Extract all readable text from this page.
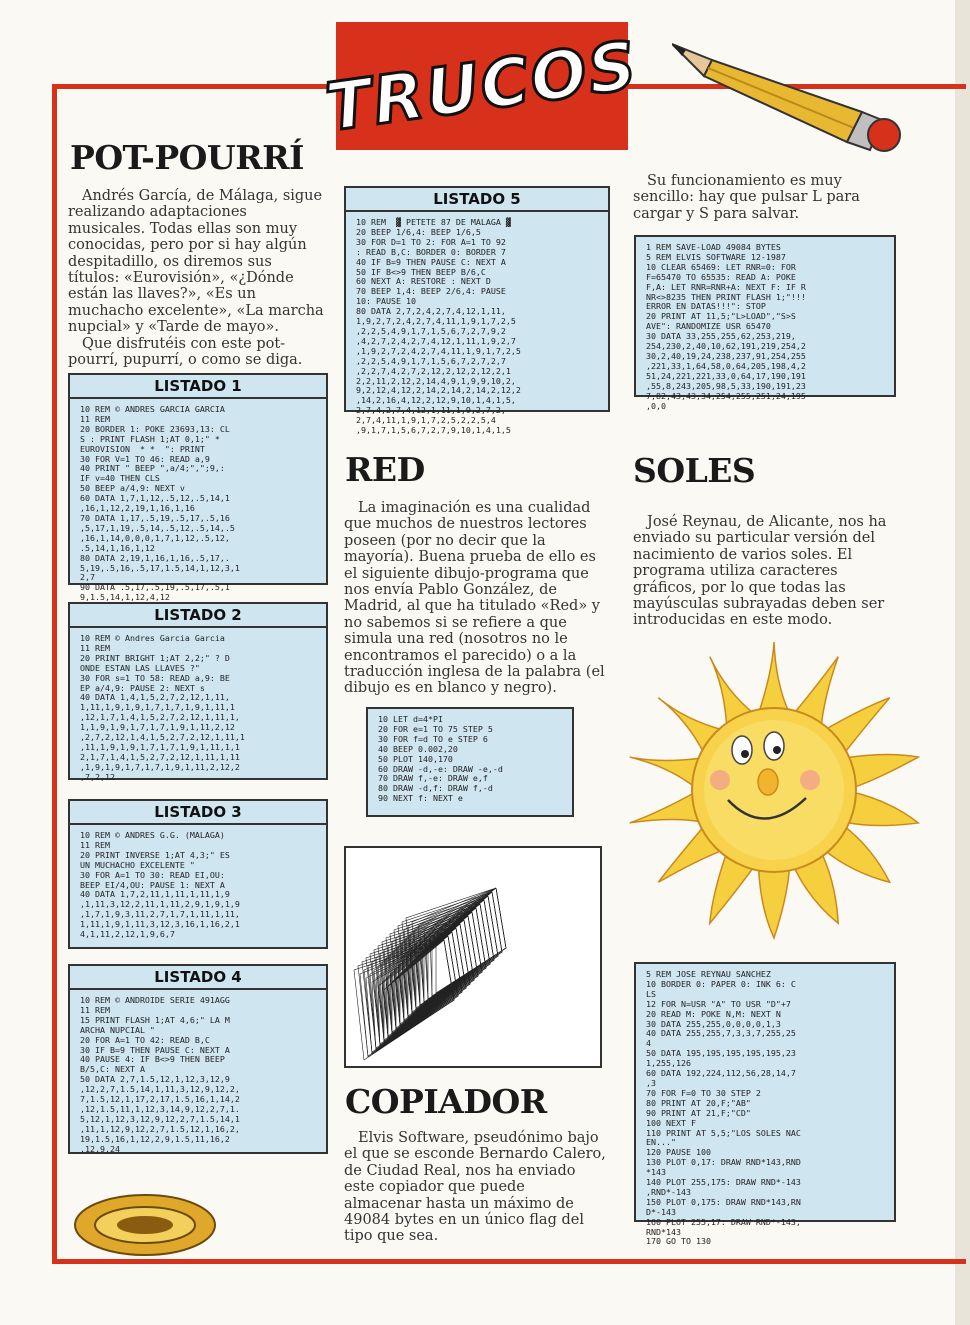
TRUCOS
POT-POURRÍ

Andrés García, de Málaga, sigue realizando adaptaciones musicales. Todas ellas son muy conocidas, pero por si hay algún despitadillo, os diremos sus títulos: «Eurovisión», «¿Dónde están las llaves?», «Es un muchacho excelente», «La marcha nupcial» y «Tarde de mayo».

Que disfrutéis con este pot-pourrí, pupurrí, o como se diga.

LISTADO 1
10 REM © ANDRES GARCIA GARCIA
11 REM
20 BORDER 1: POKE 23693,13: CL
S : PRINT FLASH 1;AT 0,1;" *
EUROVISION  * *  ": PRINT
30 FOR V=1 TO 46: READ a,9
40 PRINT " BEEP ",a/4;",";9,:
IF v=40 THEN CLS
50 BEEP a/4,9: NEXT v
60 DATA 1,7,1,12,.5,12,.5,14,1
,16,1,12,2,19,1,16,1,16
70 DATA 1,17,.5,19,.5,17,.5,16
,5,17,1,19,.5,14,.5,12,.5,14,.5
,16,1,14,0,0,0,1,7,1,12,.5,12,
.5,14,1,16,1,12
80 DATA 2,19,1,16,1,16,.5,17,.
5,19,.5,16,.5,17,1.5,14,1,12,3,1
2,7
90 DATA .5,17,.5,19,.5,17,.5,1
9,1.5,14,1,12,4,12
LISTADO 2
10 REM © Andres Garcia Garcia
11 REM
20 PRINT BRIGHT 1;AT 2,2;" ? D
ONDE ESTAN LAS LLAVES ?"
30 FOR s=1 TO 58: READ a,9: BE
EP a/4,9: PAUSE 2: NEXT s
40 DATA 1,4,1,5,2,7,2,12,1,11,
1,11,1,9,1,9,1,7,1,7,1,9,1,11,1
,12,1,7,1,4,1,5,2,7,2,12,1,11,1,
1,1,9,1,9,1,7,1,7,1,9,1,11,2,12
,2,7,2,12,1,4,1,5,2,7,2,12,1,11,1
,11,1,9,1,9,1,7,1,7,1,9,1,11,1,1
2,1,7,1,4,1,5,2,7,2,12,1,11,1,11
,1,9,1,9,1,7,1,7,1,9,1,11,2,12,2
,7,2,12
LISTADO 3
10 REM © ANDRES G.G. (MALAGA)
11 REM
20 PRINT INVERSE 1;AT 4,3;" ES
UN MUCHACHO EXCELENTE "
30 FOR A=1 TO 30: READ EI,OU:
BEEP EI/4,OU: PAUSE 1: NEXT A
40 DATA 1,7,2,11,1,11,1,11,1,9
,1,11,3,12,2,11,1,11,2,9,1,9,1,9
,1,7,1,9,3,11,2,7,1,7,1,11,1,11,
1,11,1,9,1,11,3,12,3,16,1,16,2,1
4,1,11,2,12,1,9,6,7
LISTADO 4
10 REM © ANDROIDE SERIE 491AGG
11 REM
15 PRINT FLASH 1;AT 4,6;" LA M
ARCHA NUPCIAL "
20 FOR A=1 TO 42: READ B,C
30 IF B=9 THEN PAUSE C: NEXT A
40 PAUSE 4: IF B<>9 THEN BEEP
B/5,C: NEXT A
50 DATA 2,7,1.5,12,1,12,3,12,9
,12,2,7,1.5,14,1,11,3,12,9,12,2,
7,1.5,12,1,17,2,17,1.5,16,1,14,2
,12,1.5,11,1,12,3,14,9,12,2,7,1.
5,12,1,12,3,12,9,12,2,7,1.5,14,1
,11,1,12,9,12,2,7,1.5,12,1,16,2,
19,1.5,16,1,12,2,9,1.5,11,16,2
,12,9,24
LISTADO 5
10 REM  ▓ PETETE 87 DE MALAGA ▓
20 BEEP 1/6,4: BEEP 1/6,5
30 FOR D=1 TO 2: FOR A=1 TO 92
: READ B,C: BORDER 0: BORDER 7
40 IF B=9 THEN PAUSE C: NEXT A
50 IF B<>9 THEN BEEP B/6,C
60 NEXT A: RESTORE : NEXT D
70 BEEP 1,4: BEEP 2/6,4: PAUSE
10: PAUSE 10
80 DATA 2,7,2,4,2,7,4,12,1,11,
1,9,2,7,2,4,2,7,4,11,1,9,1,7,2,5
,2,2,5,4,9,1,7,1,5,6,7,2,7,9,2
,4,2,7,2,4,2,7,4,12,1,11,1,9,2,7
,1,9,2,7,2,4,2,7,4,11,1,9,1,7,2,5
,2,2,5,4,9,1,7,1,5,6,7,2,7,2,7
,2,2,7,4,2,7,2,12,2,12,2,12,2,1
2,2,11,2,12,2,14,4,9,1,9,9,10,2,
9,2,12,4,12,2,14,2,14,2,14,2,12,2
,14,2,16,4,12,2,12,9,10,1,4,1,5,
2,7,4,2,7,4,12,1,11,1,9,2,7,2,
2,7,4,11,1,9,1,7,2,5,2,2,5,4
,9,1,7,1,5,6,7,2,7,9,10,1,4,1,5
RED

La imaginación es una cualidad que muchos de nuestros lectores poseen (por no decir que la mayoría). Buena prueba de ello es el siguiente dibujo-programa que nos envía Pablo González, de Madrid, al que ha titulado «Red» y no sabemos si se refiere a que simula una red (nosotros no le encontramos el parecido) o a la traducción inglesa de la palabra (el dibujo es en blanco y negro).

10 LET d=4*PI
20 FOR e=1 TO 75 STEP 5
30 FOR f=d TO e STEP 6
40 BEEP 0.002,20
50 PLOT 140,170
60 DRAW -d,-e: DRAW -e,-d
70 DRAW f,-e: DRAW e,f
80 DRAW -d,f: DRAW f,-d
90 NEXT f: NEXT e
COPIADOR

Elvis Software, pseudónimo bajo el que se esconde Bernardo Calero, de Ciudad Real, nos ha enviado este copiador que puede almacenar hasta un máximo de 49084 bytes en un único flag del tipo que sea.

Su funcionamiento es muy sencillo: hay que pulsar L para cargar y S para salvar.

1 REM SAVE-LOAD 49084 BYTES
5 REM ELVIS SOFTWARE 12-1987
10 CLEAR 65469: LET RNR=0: FOR
F=65470 TO 65535: READ A: POKE
F,A: LET RNR=RNR+A: NEXT F: IF R
NR<>8235 THEN PRINT FLASH 1;"!!!
ERROR EN DATAS!!!": STOP
20 PRINT AT 11,5;"L>LOAD","S>S
AVE": RANDOMIZE USR 65470
30 DATA 33,255,255,62,253,219,
254,230,2,40,10,62,191,219,254,2
30,2,40,19,24,238,237,91,254,255
,221,33,1,64,58,0,64,205,198,4,2
51,24,221,221,33,0,64,17,190,191
,55,8,243,205,98,5,33,190,191,23
7,82,43,43,34,254,255,251,24,195
,0,0
SOLES

José Reynau, de Alicante, nos ha enviado su particular versión del nacimiento de varios soles. El programa utiliza caracteres gráficos, por lo que todas las mayúsculas subrayadas deben ser introducidas en este modo.

5 REM JOSE REYNAU SANCHEZ
10 BORDER 0: PAPER 0: INK 6: C
LS
12 FOR N=USR "A" TO USR "D"+7
20 READ M: POKE N,M: NEXT N
30 DATA 255,255,0,0,0,0,1,3
40 DATA 255,255,7,3,3,7,255,25
4
50 DATA 195,195,195,195,195,23
1,255,126
60 DATA 192,224,112,56,28,14,7
,3
70 FOR F=0 TO 30 STEP 2
80 PRINT AT 20,F;"AB"
90 PRINT AT 21,F;"CD"
100 NEXT F
110 PRINT AT 5,5;"LOS SOLES NAC
EN..."
120 PAUSE 100
130 PLOT 0,17: DRAW RND*143,RND
*143
140 PLOT 255,175: DRAW RND*-143
,RND*-143
150 PLOT 0,175: DRAW RND*143,RN
D*-143
160 PLOT 255,17: DRAW RND*-143,
RND*143
170 GO TO 130
